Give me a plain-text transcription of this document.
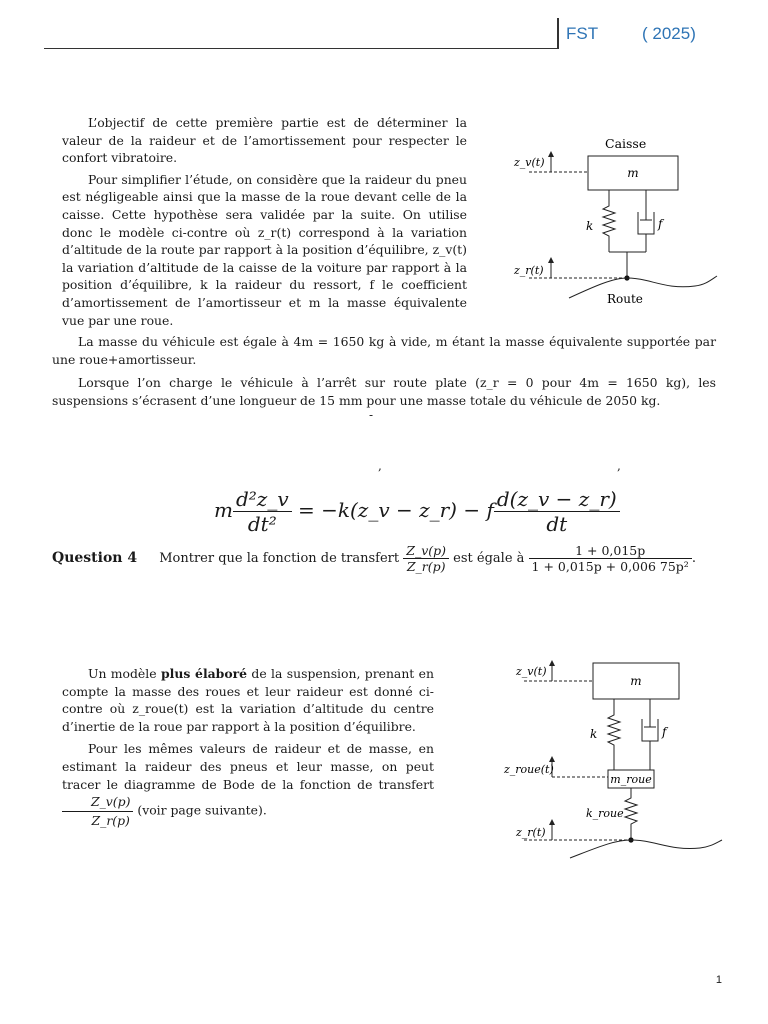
FST	( 2025)

L’objectif de cette première partie est de déterminer la valeur de la raideur et de l’amortissement pour respecter le confort vibratoire.

Pour simplifier l’étude, on considère que la raideur du pneu est négligeable ainsi que la masse de la roue devant celle de la caisse. Cette hypothèse sera validée par la suite. On utilise donc le modèle ci-contre où z_r(t) correspond à la variation d’altitude de la route par rapport à la position d’équilibre, z_v(t) la variation d’altitude de la caisse de la voiture par rapport à la position d’équilibre, k la raideur du ressort, f le coefficient d’amortissement de l’amortisseur et m la masse équivalente vue par une roue.

Caisse
m
z_v(t)
k	f
z_r(t)
Route

La masse du véhicule est égale à 4m = 1650 kg à vide, m étant la masse équivalente supportée par une roue+amortisseur.

Lorsque l’on charge le véhicule à l’arrêt sur route plate (z_r = 0 pour 4m = 1650 kg), les suspensions s’écrasent d’une longueur de 15 mm pour une masse totale du véhicule de 2050 kg.

-
,	,
m $\frac{\text{d²z\_v}}{\text{dt²}}$ = −k(z_v − z_r) − f $\frac{d(z\_v - z\_r)}{dt}$
Question 4 Montrer que la fonction de transfert $\frac{Z\_v(p)}{Z\_r(p)}$ est égale à $\frac{1 + 0,015p}{\text{1 + 0,015p + 0,006 75p²}}$ .

Un modèle plus élaboré de la suspension, prenant en compte la masse des roues et leur raideur est donné ci-contre où z_roue(t) est la variation d’altitude du centre d’inertie de la roue par rapport à la position d’équilibre.

Pour les mêmes valeurs de raideur et de masse, en estimant la raideur des pneus et leur masse, on peut tracer le diagramme de Bode de la fonction de transfert
$\frac{Z\_v(p)}{Z\_r(p)}$ (voir page suivante).

m
z_v(t)
k	f
m_roue
z_roue(t)
k_roue
z_r(t)
1
